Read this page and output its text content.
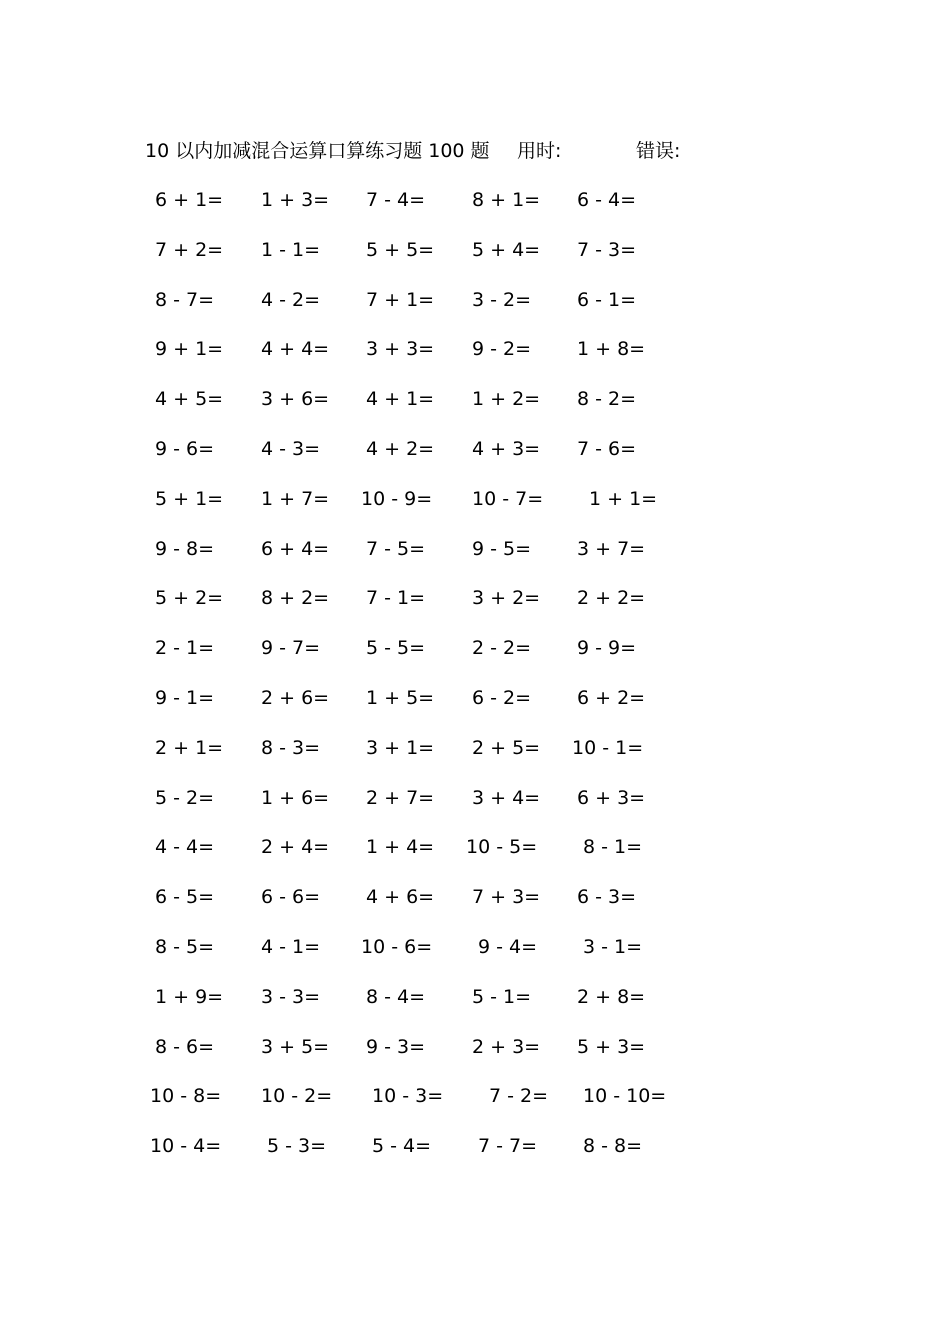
10 以内加减混合运算口算练习题 100 题 用时:	错误:
6 + 1= 1 + 3= 7 - 4= 8 + 1= 6 - 4=
7 + 2= 1 - 1= 5 + 5= 5 + 4= 7 - 3=
8 - 7= 4 - 2= 7 + 1= 3 - 2= 6 - 1=
9 + 1= 4 + 4= 3 + 3= 9 - 2= 1 + 8=
4 + 5= 3 + 6= 4 + 1= 1 + 2= 8 - 2=
9 - 6= 4 - 3= 4 + 2= 4 + 3= 7 - 6=
5 + 1= 1 + 7= 10 - 9= 10 - 7= 1 + 1=
9 - 8= 6 + 4= 7 - 5= 9 - 5= 3 + 7=
5 + 2= 8 + 2= 7 - 1= 3 + 2= 2 + 2=
2 - 1= 9 - 7= 5 - 5= 2 - 2= 9 - 9=
9 - 1= 2 + 6= 1 + 5= 6 - 2= 6 + 2=
2 + 1= 8 - 3= 3 + 1= 2 + 5= 10 - 1=
5 - 2= 1 + 6= 2 + 7= 3 + 4= 6 + 3=
4 - 4= 2 + 4= 1 + 4= 10 - 5= 8 - 1=
6 - 5= 6 - 6= 4 + 6= 7 + 3= 6 - 3=
8 - 5= 4 - 1= 10 - 6= 9 - 4= 3 - 1=
1 + 9= 3 - 3= 8 - 4= 5 - 1= 2 + 8=
8 - 6= 3 + 5= 9 - 3= 2 + 3= 5 + 3=
10 - 8= 10 - 2= 10 - 3= 7 - 2= 10 - 10=
10 - 4= 5 - 3= 5 - 4= 7 - 7= 8 - 8=
